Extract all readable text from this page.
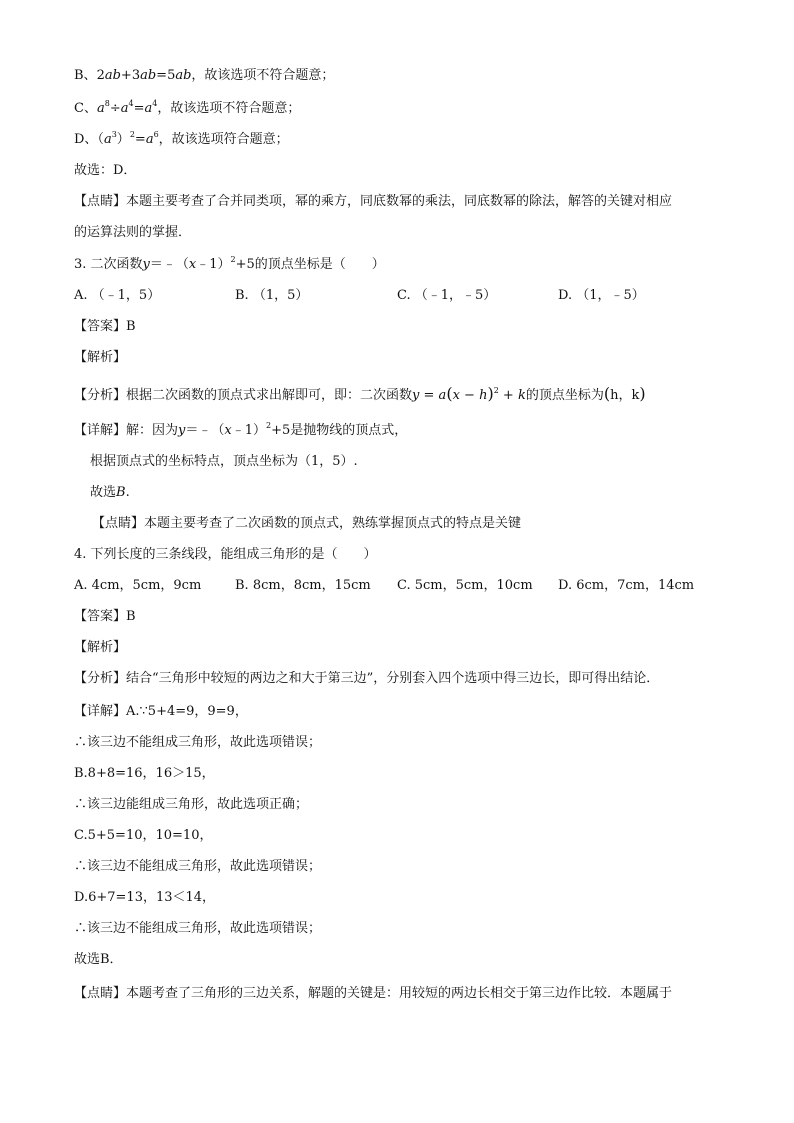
B、2ab+3ab=5ab，故该选项不符合题意；
C、$a^8\div a^4=a^4$，故该选项不符合题意；
D、$(a^3)^2=a^6$，故该选项符合题意；
故选：D．
【点睛】本题主要考查了合并同类项，幂的乘方，同底数幂的乘法，同底数幂的除法，解答的关键对相应
的运算法则的掌握．
3. 二次函数y＝﹣（x﹣1）$^2$+5的顶点坐标是（　　）
A. （﹣1，5）	B. （1，5）	C. （﹣1，﹣5）	D. （1，﹣5）
【答案】B
【解析】
【分析】根据二次函数的顶点式求出解即可，即：二次函数$y = a(x - h)^2 + k$的顶点坐标为(h，k)
【详解】解：因为y＝﹣（x﹣1）$^2$+5是抛物线的顶点式，
根据顶点式的坐标特点，顶点坐标为（1，5）.
故选B.
【点睛】本题主要考查了二次函数的顶点式，熟练掌握顶点式的特点是关键
4. 下列长度的三条线段，能组成三角形的是（　　）
A. 4cm，5cm，9cm	B. 8cm，8cm，15cm C. 5cm，5cm，10cm D. 6cm，7cm，14cm
【答案】B
【解析】
【分析】结合“三角形中较短的两边之和大于第三边”，分别套入四个选项中得三边长，即可得出结论．
【详解】A.∵5+4=9，9=9，
∴该三边不能组成三角形，故此选项错误；
B.8+8=16，16＞15，
∴该三边能组成三角形，故此选项正确；
C.5+5=10，10=10，
∴该三边不能组成三角形，故此选项错误；
D.6+7=13，13＜14，
∴该三边不能组成三角形，故此选项错误；
故选B．
【点睛】本题考查了三角形的三边关系，解题的关键是：用较短的两边长相交于第三边作比较．本题属于
